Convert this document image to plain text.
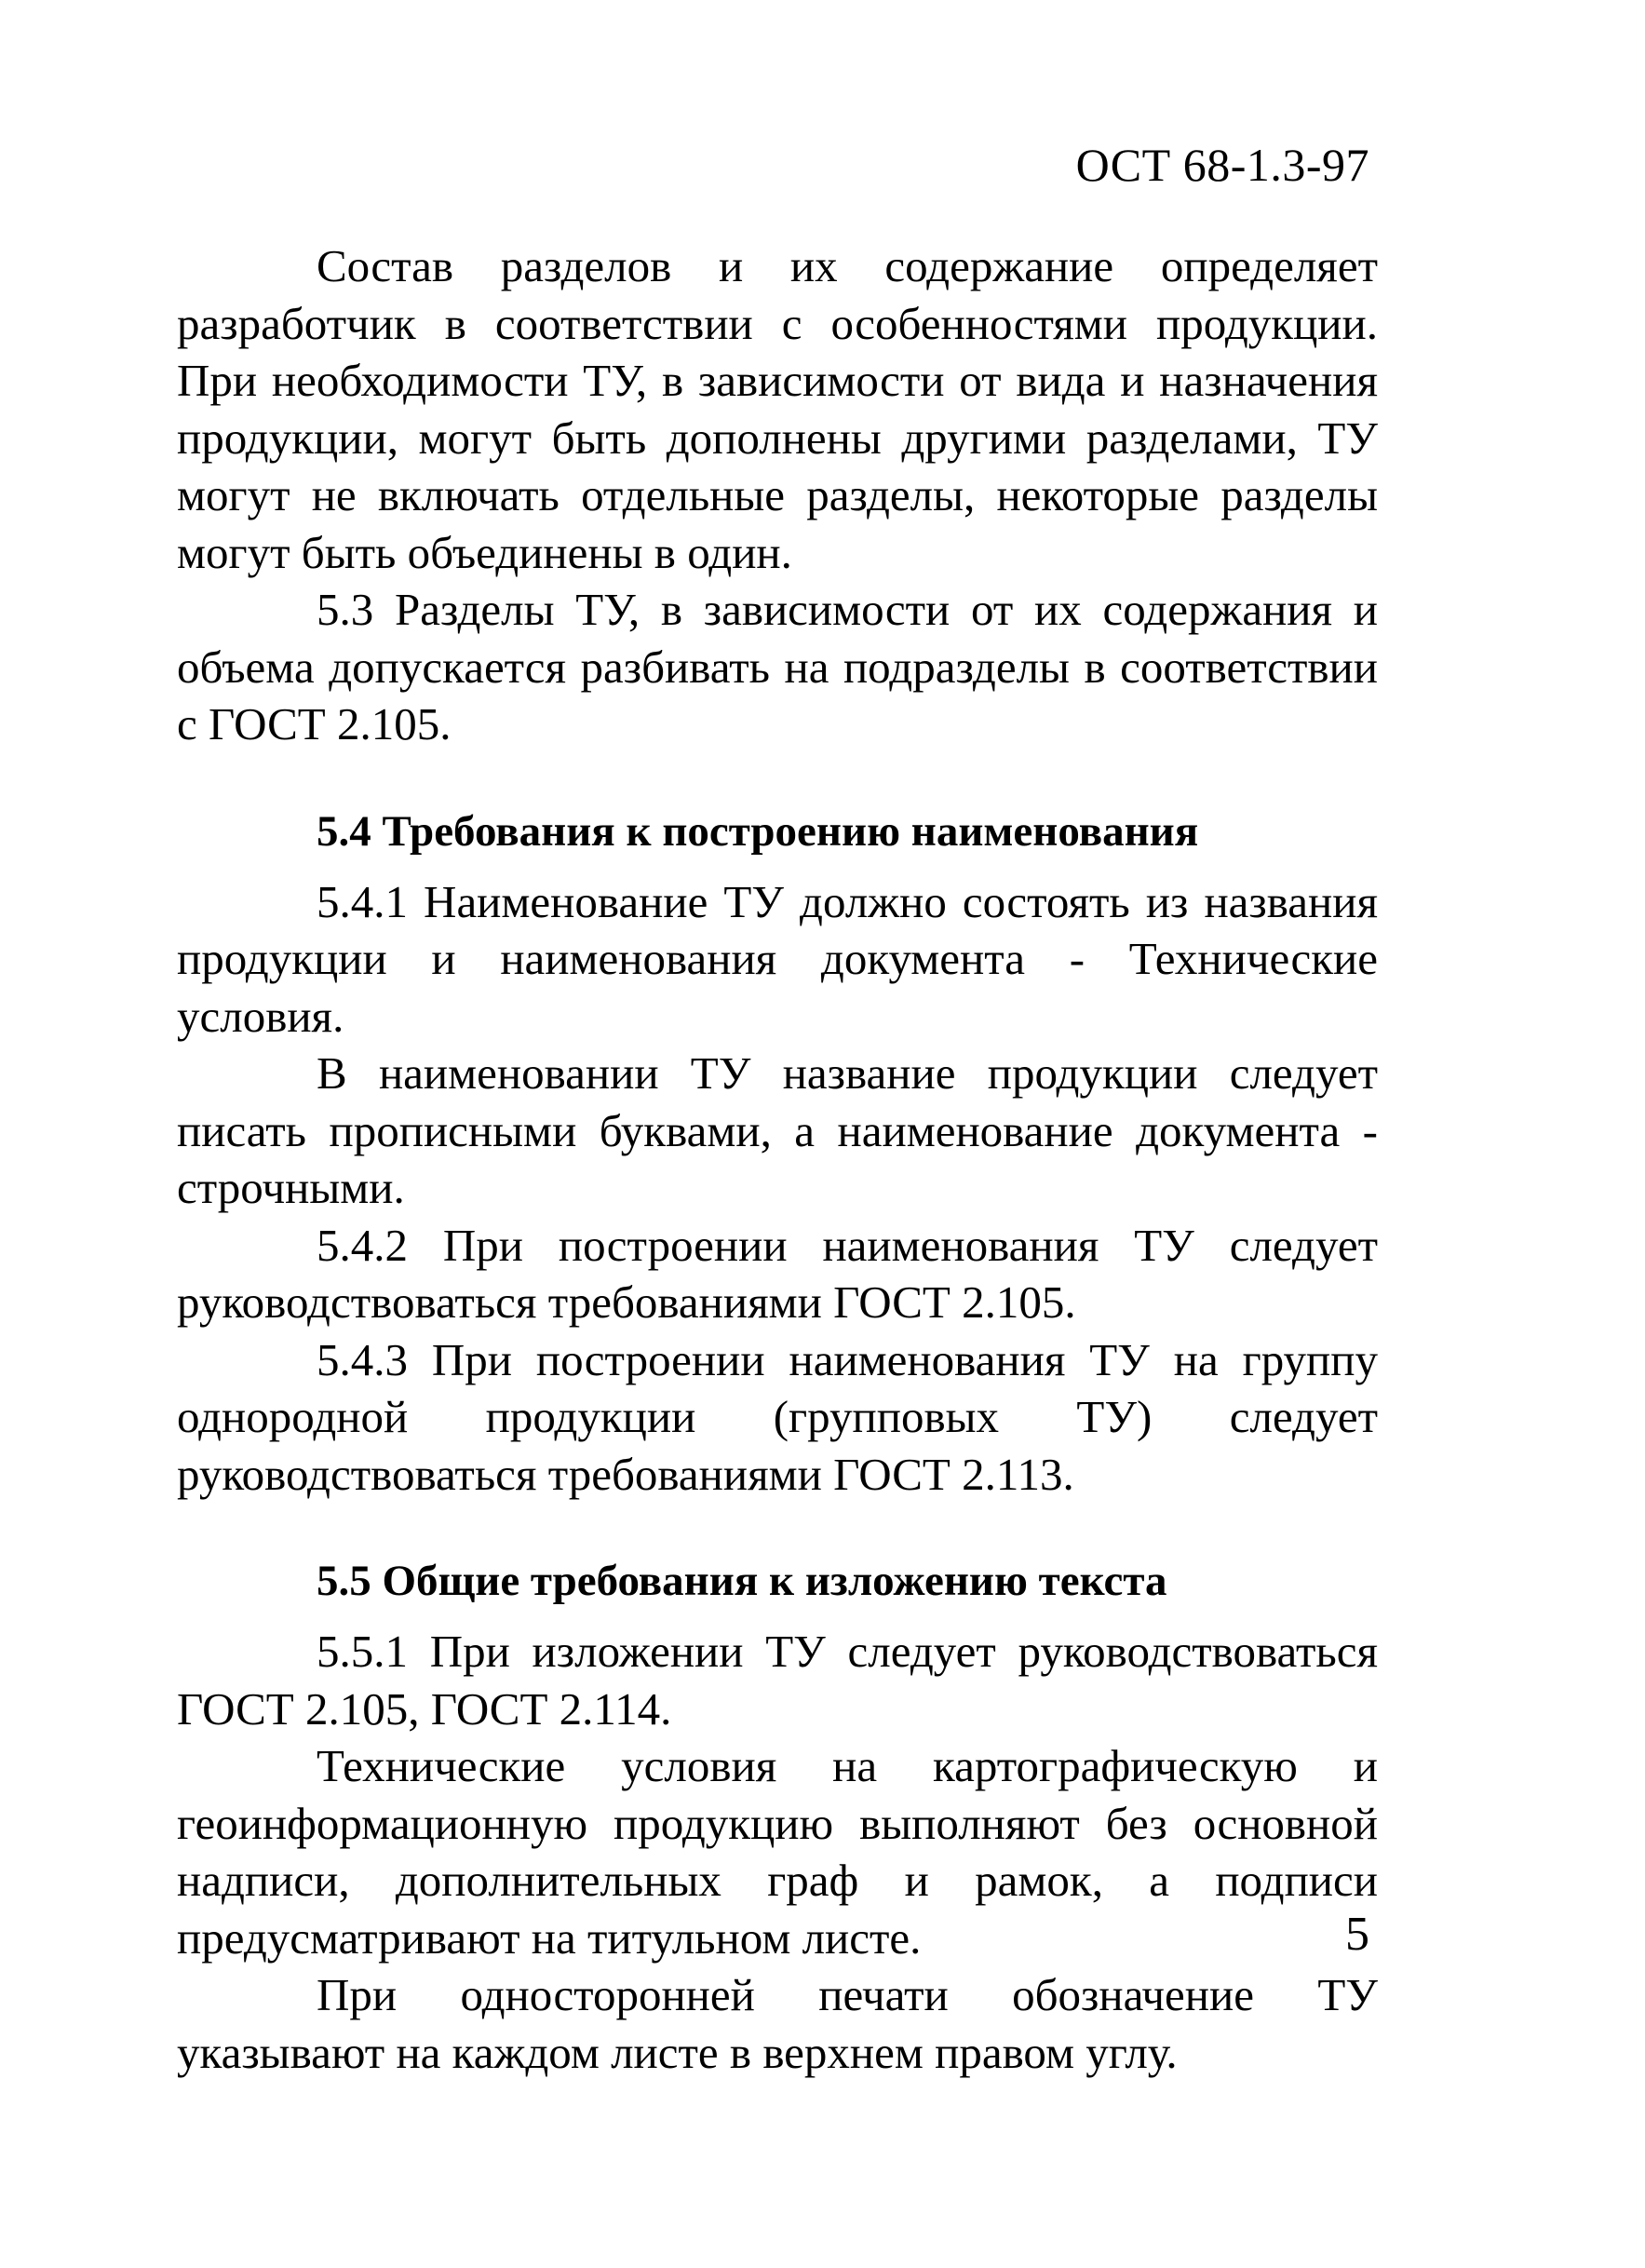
ОСТ 68-1.3-97

Состав разделов и их содержание определяет разработчик в соответствии с особенностями продукции. При необходимости ТУ, в зависимости от вида и назначения продукции, могут быть дополнены другими разделами, ТУ могут не включать отдельные разделы, некоторые разделы могут быть объединены в один.

5.3 Разделы ТУ, в зависимости от их содержания и объема допускается разбивать на подразделы в соответствии с ГОСТ 2.105.

5.4 Требования к построению наименования

5.4.1 Наименование ТУ должно состоять из названия продукции и наименования документа - Технические условия.

В наименовании ТУ название продукции следует писать прописными буквами, а наименование документа - строчными.

5.4.2 При построении наименования ТУ следует руководствоваться требованиями ГОСТ 2.105.

5.4.3 При построении наименования ТУ на группу однородной продукции (групповых ТУ) следует руководствоваться требованиями ГОСТ 2.113.

5.5 Общие требования к изложению текста

5.5.1 При изложении ТУ следует руководствоваться ГОСТ 2.105, ГОСТ 2.114.

Технические условия на картографическую и геоинформационную продукцию выполняют без основной надписи, дополнительных граф и рамок, а подписи предусматривают на титульном листе.

При односторонней печати обозначение ТУ указывают на каждом листе в верхнем правом углу.

5
